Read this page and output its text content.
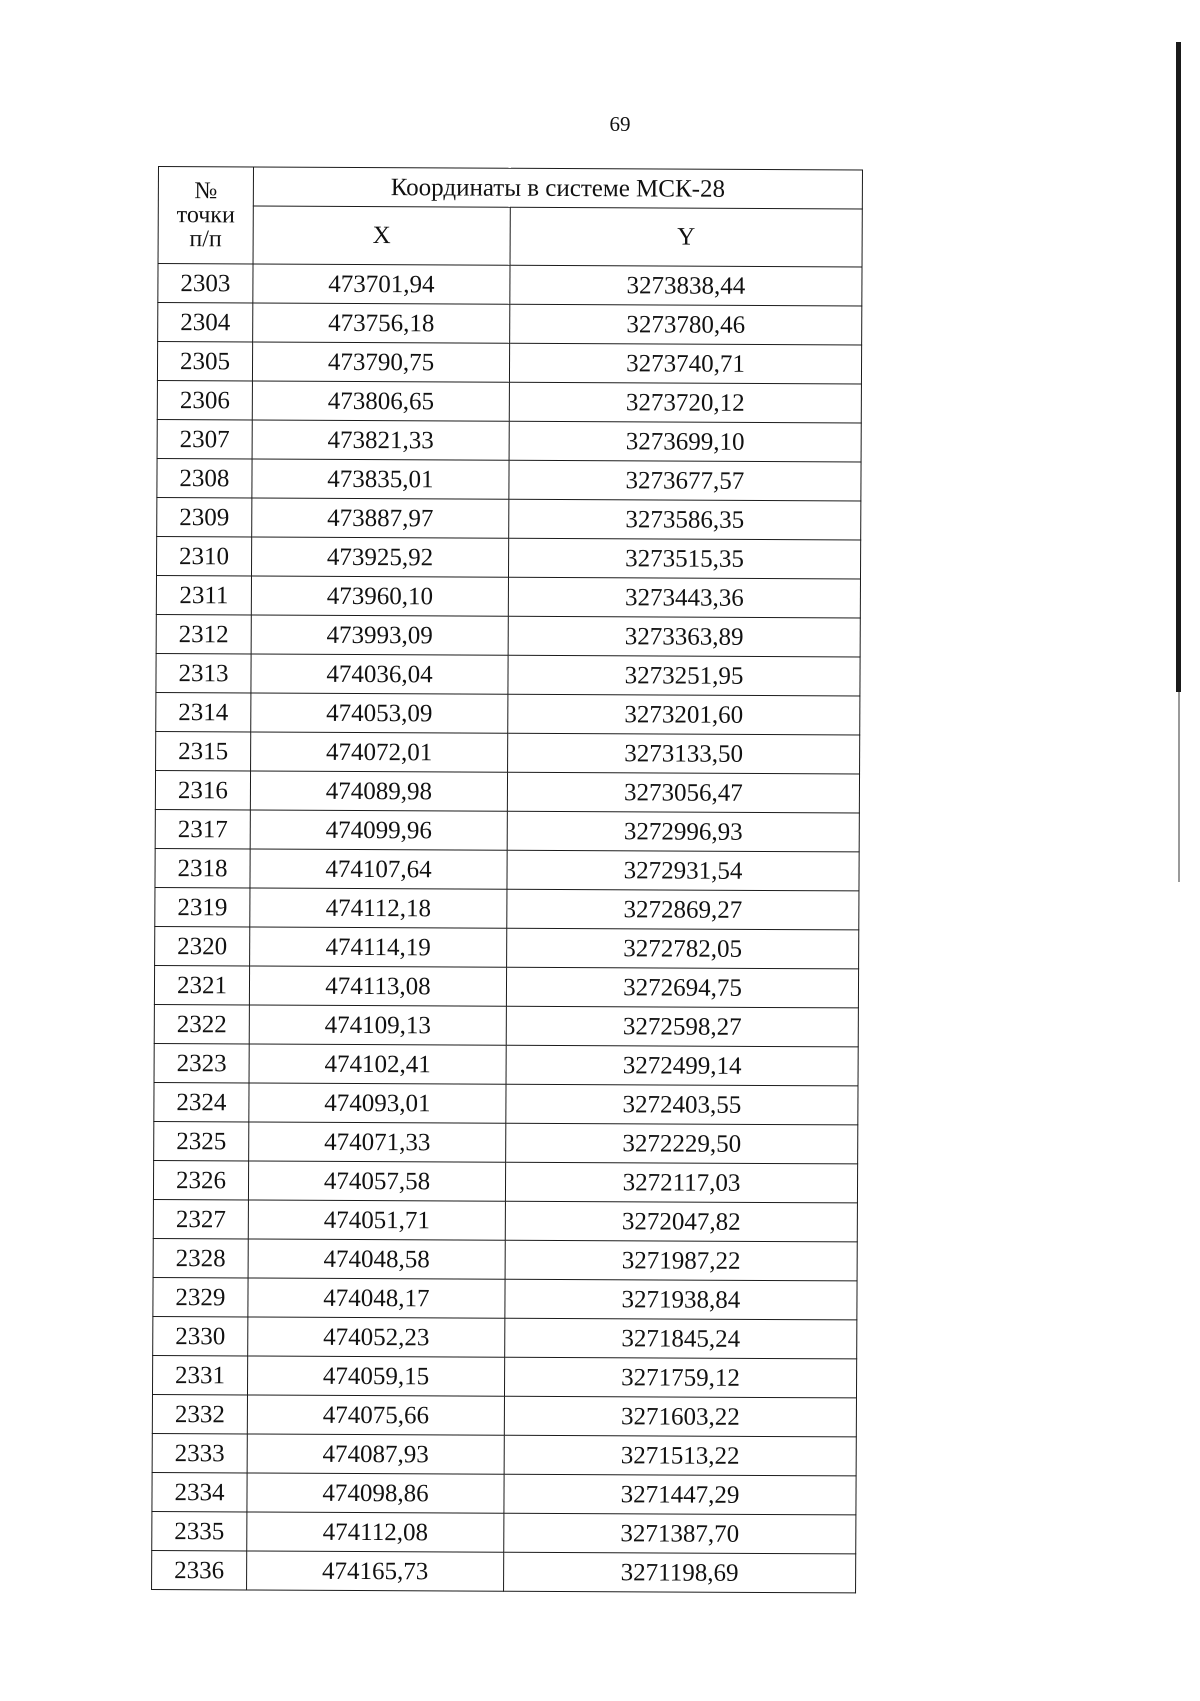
69
№
точки
п/п	Координаты в системе МСК-28	
	X	Y
2303	473701,94	3273838,44
2304	473756,18	3273780,46
2305	473790,75	3273740,71
2306	473806,65	3273720,12
2307	473821,33	3273699,10
2308	473835,01	3273677,57
2309	473887,97	3273586,35
2310	473925,92	3273515,35
2311	473960,10	3273443,36
2312	473993,09	3273363,89
2313	474036,04	3273251,95
2314	474053,09	3273201,60
2315	474072,01	3273133,50
2316	474089,98	3273056,47
2317	474099,96	3272996,93
2318	474107,64	3272931,54
2319	474112,18	3272869,27
2320	474114,19	3272782,05
2321	474113,08	3272694,75
2322	474109,13	3272598,27
2323	474102,41	3272499,14
2324	474093,01	3272403,55
2325	474071,33	3272229,50
2326	474057,58	3272117,03
2327	474051,71	3272047,82
2328	474048,58	3271987,22
2329	474048,17	3271938,84
2330	474052,23	3271845,24
2331	474059,15	3271759,12
2332	474075,66	3271603,22
2333	474087,93	3271513,22
2334	474098,86	3271447,29
2335	474112,08	3271387,70
2336	474165,73	3271198,69
